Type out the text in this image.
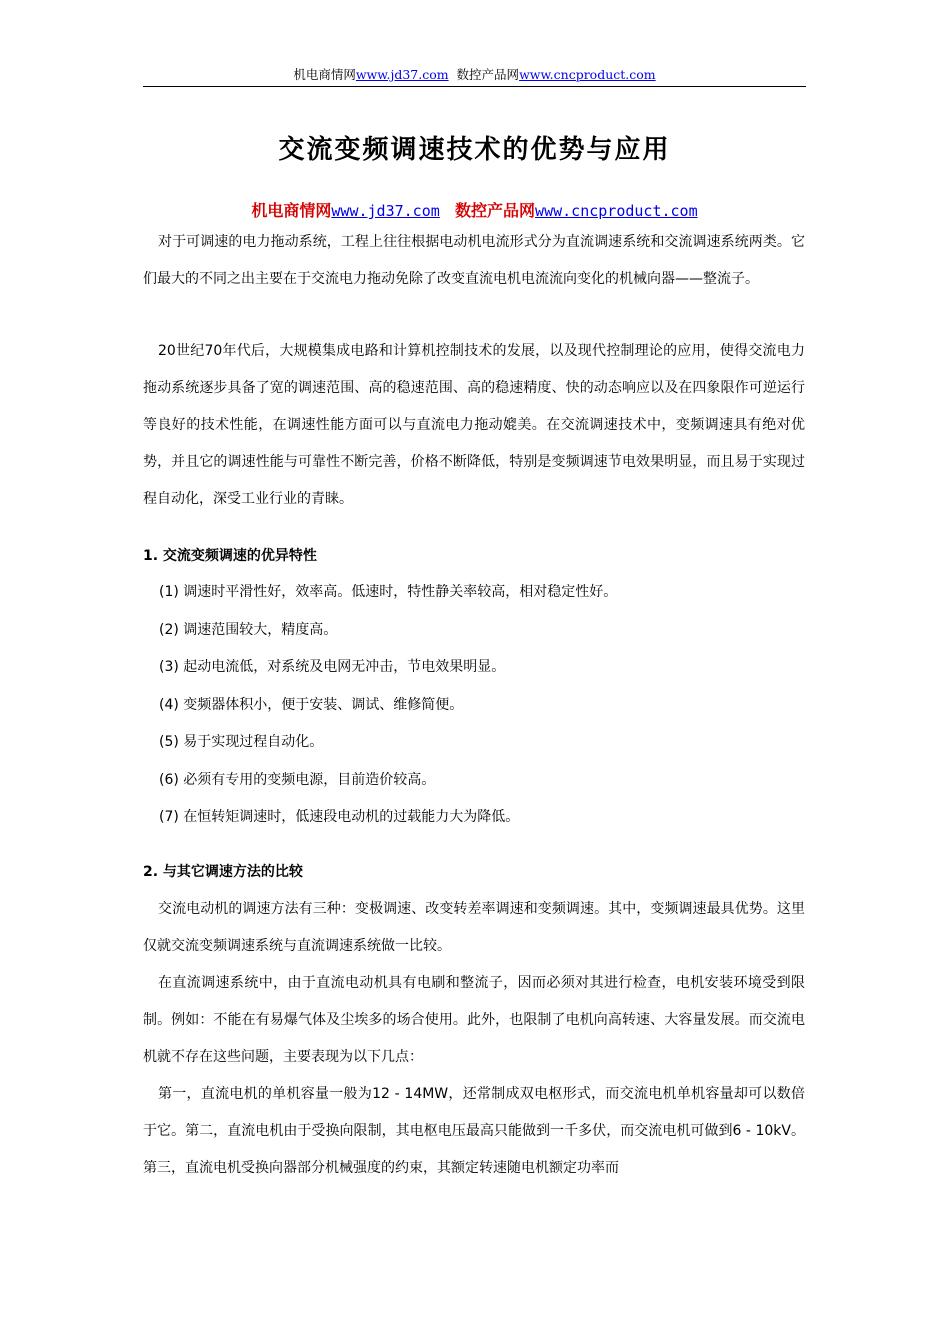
机电商情网www.jd37.com 数控产品网www.cncproduct.com
交流变频调速技术的优势与应用
机电商情网www.jd37.com 数控产品网www.cncproduct.com

对于可调速的电力拖动系统，工程上往往根据电动机电流形式分为直流调速系统和交流调速系统两类。它们最大的不同之出主要在于交流电力拖动免除了改变直流电机电流流向变化的机械向器——整流子。

20世纪70年代后，大规模集成电路和计算机控制技术的发展，以及现代控制理论的应用，使得交流电力拖动系统逐步具备了宽的调速范围、高的稳速范围、高的稳速精度、快的动态响应以及在四象限作可逆运行等良好的技术性能，在调速性能方面可以与直流电力拖动媲美。在交流调速技术中，变频调速具有绝对优势，并且它的调速性能与可靠性不断完善，价格不断降低，特别是变频调速节电效果明显，而且易于实现过程自动化，深受工业行业的青睐。

1. 交流变频调速的优异特性
(1) 调速时平滑性好，效率高。低速时，特性静关率较高，相对稳定性好。
(2) 调速范围较大，精度高。
(3) 起动电流低，对系统及电网无冲击，节电效果明显。
(4) 变频器体积小，便于安装、调试、维修简便。
(5) 易于实现过程自动化。
(6) 必须有专用的变频电源，目前造价较高。
(7) 在恒转矩调速时，低速段电动机的过载能力大为降低。
2. 与其它调速方法的比较

交流电动机的调速方法有三种：变极调速、改变转差率调速和变频调速。其中，变频调速最具优势。这里仅就交流变频调速系统与直流调速系统做一比较。

在直流调速系统中，由于直流电动机具有电刷和整流子，因而必须对其进行检查，电机安装环境受到限制。例如：不能在有易爆气体及尘埃多的场合使用。此外，也限制了电机向高转速、大容量发展。而交流电机就不存在这些问题，主要表现为以下几点：

第一，直流电机的单机容量一般为12 - 14MW，还常制成双电枢形式，而交流电机单机容量却可以数倍于它。第二，直流电机由于受换向限制，其电枢电压最高只能做到一千多伏，而交流电机可做到6 - 10kV。第三，直流电机受换向器部分机械强度的约束，其额定转速随电机额定功率而
